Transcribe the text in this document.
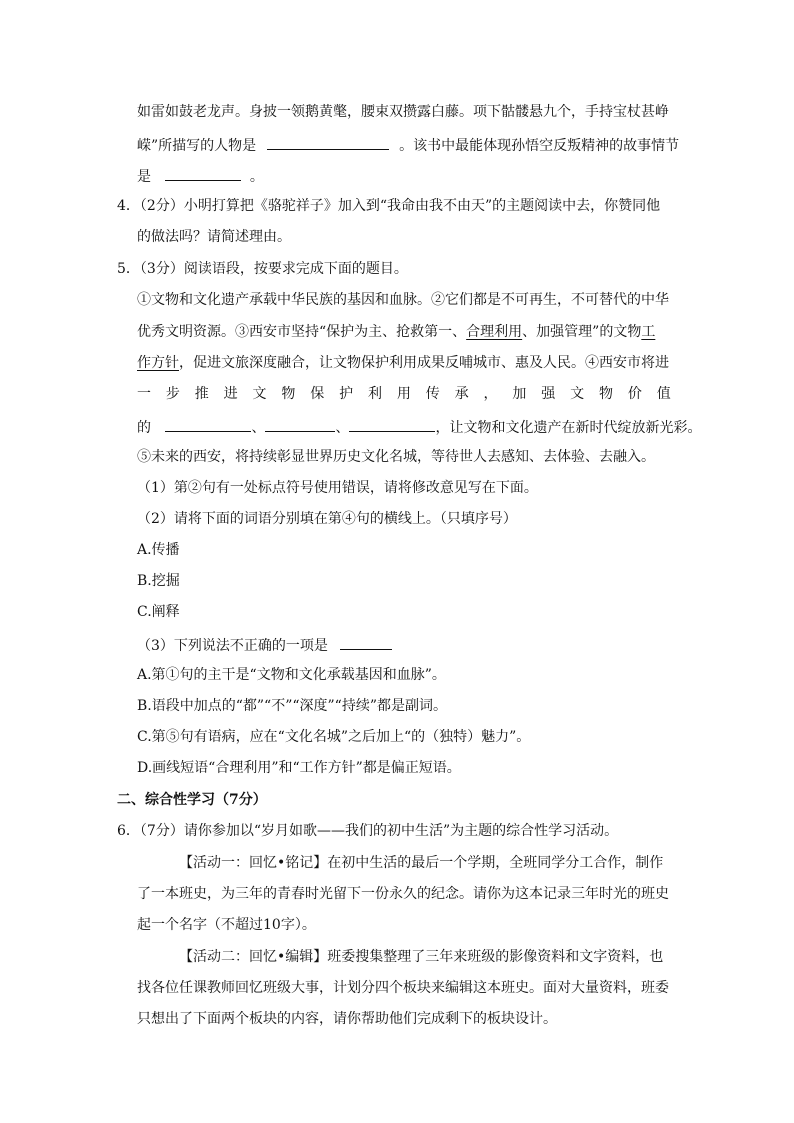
如雷如鼓老龙声。身披一领鹅黄氅，腰束双攒露白藤。项下骷髅悬九个，手持宝杖甚峥
嵘”所描写的人物是	。该书中最能体现孙悟空反叛精神的故事情节
是	。
4．（2分）小明打算把《骆驼祥子》加入到“我命由我不由天”的主题阅读中去，你赞同他
的做法吗？请简述理由。
5．（3分）阅读语段，按要求完成下面的题目。
①文物和文化遗产承载中华民族的基因和血脉。②它们都是不可再生，不可替代的中华
优秀文明资源。③西安市坚持“保护为主、抢救第一、合理利用、加强管理”的文物工
作方针，促进文旅深度融合，让文物保护利用成果反哺城市、惠及人民。④西安市将进
一 步 推 进 文 物 保 护 利 用 传 承 ， 加 强 文 物 价 值
的	、	、	，让文物和文化遗产在新时代绽放新光彩。
⑤未来的西安，将持续彰显世界历史文化名城，等待世人去感知、去体验、去融入。
（1）第②句有一处标点符号使用错误，请将修改意见写在下面。
（2）请将下面的词语分别填在第④句的横线上。（只填序号）
A.传播
B.挖掘
C.阐释
（3）下列说法不正确的一项是
A.第①句的主干是“文物和文化承载基因和血脉”。
B.语段中加点的“都”“不”“深度”“持续”都是副词。
C.第⑤句有语病，应在“文化名城”之后加上“的（独特）魅力”。
D.画线短语“合理利用”和“工作方针”都是偏正短语。
二、综合性学习（7分）
6．（7分）请你参加以“岁月如歌——我们的初中生活”为主题的综合性学习活动。
【活动一：回忆•铭记】在初中生活的最后一个学期，全班同学分工合作，制作
了一本班史，为三年的青春时光留下一份永久的纪念。请你为这本记录三年时光的班史
起一个名字（不超过10字）。
【活动二：回忆•编辑】班委搜集整理了三年来班级的影像资料和文字资料，也
找各位任课教师回忆班级大事，计划分四个板块来编辑这本班史。面对大量资料，班委
只想出了下面两个板块的内容，请你帮助他们完成剩下的板块设计。
